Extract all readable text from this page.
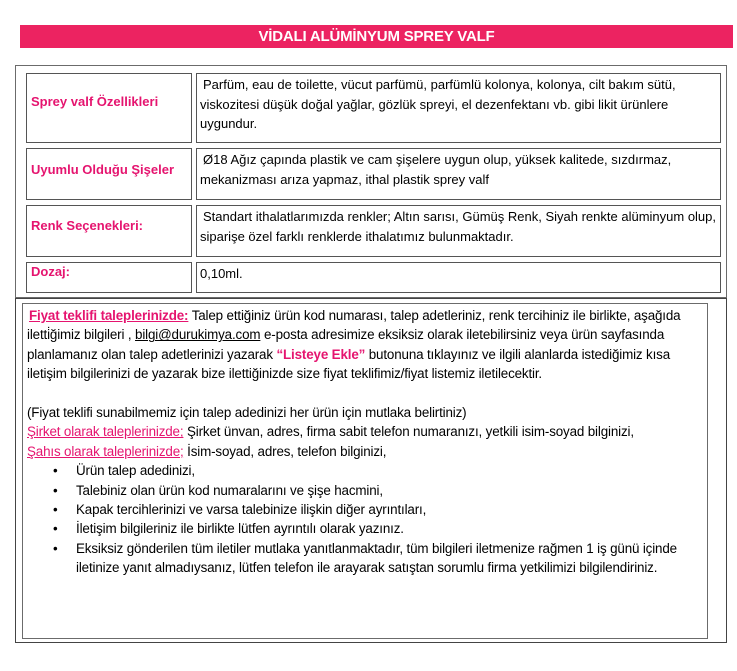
VİDALI ALÜMİNYUM SPREY VALF
Sprey valf Özellikleri
Parfüm, eau de toilette, vücut parfümü, parfümlü kolonya, kolonya, cilt bakım sütü, viskozitesi düşük doğal yağlar, gözlük spreyi, el dezenfektanı vb. gibi likit ürünlere uygundur.
Uyumlu Olduğu Şişeler
Ø18 Ağız çapında plastik ve cam şişelere uygun olup, yüksek kalitede, sızdırmaz, mekanizması arıza yapmaz, ithal plastik sprey valf
Renk Seçenekleri:
Standart ithalatlarımızda renkler; Altın sarısı, Gümüş Renk, Siyah renkte alüminyum olup, siparişe özel farklı renklerde ithalatımız bulunmaktadır.
Dozaj:	0,10ml.
Fiyat teklifi taleplerinizde: Talep ettiğiniz ürün kod numarası, talep adetleriniz, renk tercihiniz ile birlikte, aşağıda iletti̇ğimiz bilgileri , bilgi@durukimya.com e-posta adresimize eksiksiz olarak iletebilirsiniz veya ürün sayfasında planlamanız olan talep adetlerinizi yazarak “Listeye Ekle” butonuna tıklayınız ve ilgili alanlarda istediğimiz kısa iletişim bilgilerinizi de yazarak bize ilettiğinizde size fiyat teklifimiz/fiyat listemiz iletilecektir.
(Fiyat teklifi sunabilmemiz için talep adedinizi her ürün için mutlaka belirtiniz)
Şirket olarak taleplerinizde; Şirket ünvan, adres, firma sabit telefon numaranızı, yetkili isim-soyad bilginizi,
Şahıs olarak taleplerinizde; İsim-soyad, adres, telefon bilginizi,
• Ürün talep adedinizi,
• Talebiniz olan ürün kod numaralarını ve şişe hacmini,
• Kapak tercihlerinizi ve varsa talebinize ilişkin diğer ayrıntıları,
• İletişim bilgileriniz ile birlikte lütfen ayrıntılı olarak yazınız.
• Eksiksiz gönderilen tüm iletiler mutlaka yanıtlanmaktadır, tüm bilgileri iletmenize rağmen 1 iş günü içinde iletinize yanıt almadıysanız, lütfen telefon ile arayarak satıştan sorumlu firma yetkilimizi bilgilendiriniz.
